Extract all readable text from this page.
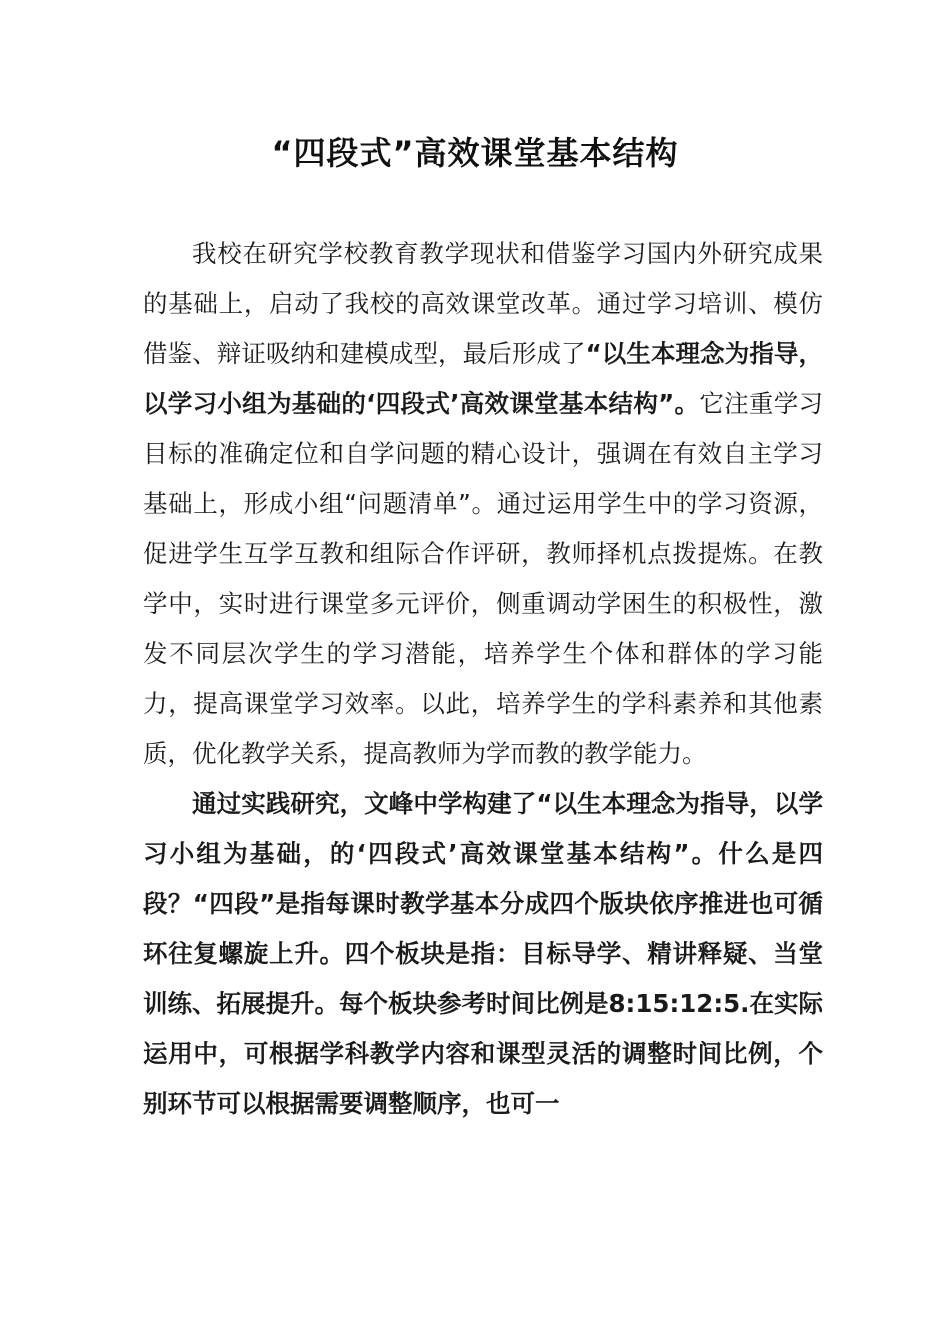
“四段式”高效课堂基本结构

我校在研究学校教育教学现状和借鉴学习国内外研究成果的基础上，启动了我校的高效课堂改革。通过学习培训、模仿借鉴、辩证吸纳和建模成型，最后形成了“以生本理念为指导，以学习小组为基础的‘四段式’高效课堂基本结构”。它注重学习目标的准确定位和自学问题的精心设计，强调在有效自主学习基础上，形成小组“问题清单”。通过运用学生中的学习资源，促进学生互学互教和组际合作评研，教师择机点拨提炼。在教学中，实时进行课堂多元评价，侧重调动学困生的积极性，激发不同层次学生的学习潜能，培养学生个体和群体的学习能力，提高课堂学习效率。以此，培养学生的学科素养和其他素质，优化教学关系，提高教师为学而教的教学能力。

通过实践研究，文峰中学构建了“以生本理念为指导，以学习小组为基础，的‘四段式’高效课堂基本结构”。什么是四段？“四段”是指每课时教学基本分成四个版块依序推进也可循环往复螺旋上升。四个板块是指：目标导学、精讲释疑、当堂训练、拓展提升。每个板块参考时间比例是8:15:12:5.在实际运用中，可根据学科教学内容和课型灵活的调整时间比例，个别环节可以根据需要调整顺序，也可一
